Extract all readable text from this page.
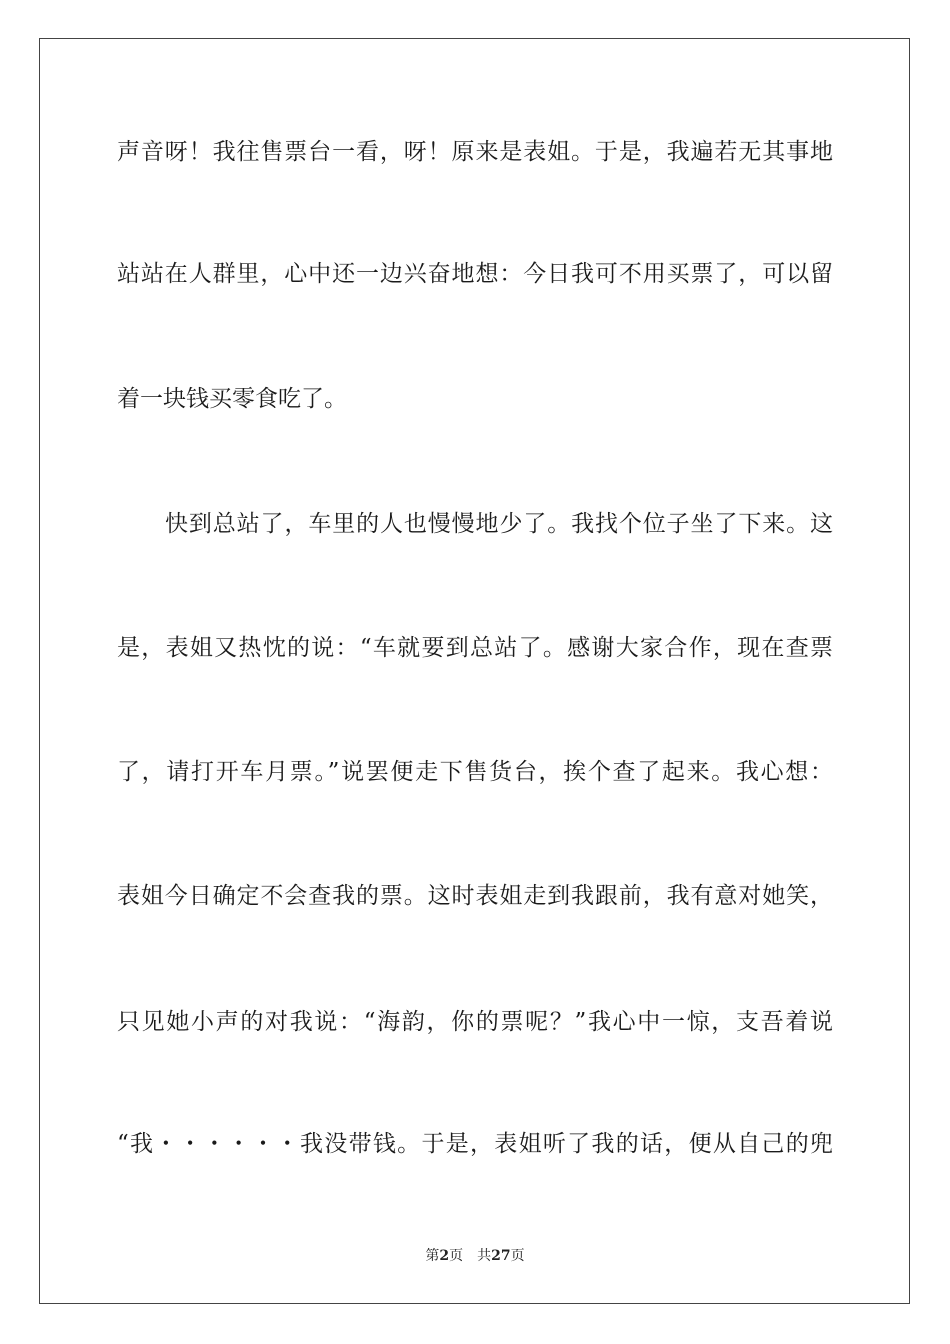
声音呀！我往售票台一看，呀！原来是表姐。于是，我遍若无其事地
站站在人群里，心中还一边兴奋地想：今日我可不用买票了，可以留
着一块钱买零食吃了。
快到总站了，车里的人也慢慢地少了。我找个位子坐了下来。这
是，表姐又热忱的说：“车就要到总站了。感谢大家合作，现在查票
了，请打开车月票。”说罢便走下售货台，挨个查了起来。我心想：
表姐今日确定不会查我的票。这时表姐走到我跟前，我有意对她笑，
只见她小声的对我说：“海韵，你的票呢？”我心中一惊，支吾着说
“我・・・・・・我没带钱。于是，表姐听了我的话，便从自己的兜
第2页 共27页
